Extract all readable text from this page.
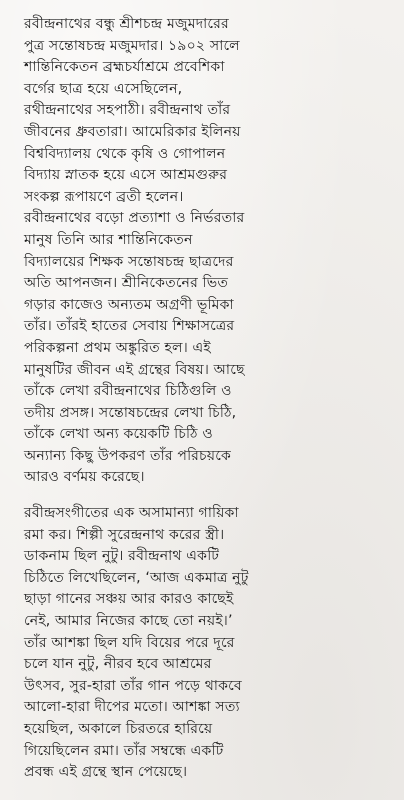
রবীন্দ্রনাথের বন্ধু শ্রীশচন্দ্র মজুমদারের
পুত্র সন্তোষচন্দ্র মজুমদার। ১৯০২ সালে
শান্তিনিকেতন ব্রহ্মচর্যাশ্রমে প্রবেশিকা
বর্গের ছাত্র হয়ে এসেছিলেন,
রথীন্দ্রনাথের সহপাঠী। রবীন্দ্রনাথ তাঁর
জীবনের ধ্রুবতারা। আমেরিকার ইলিনয়
বিশ্ববিদ্যালয় থেকে কৃষি ও গোপালন
বিদ্যায় স্নাতক হয়ে এসে আশ্রমগুরুর
সংকল্প রূপায়ণে ব্রতী হলেন।
রবীন্দ্রনাথের বড়ো প্রত্যাশা ও নির্ভরতার
মানুষ তিনি আর শান্তিনিকেতন
বিদ্যালয়ের শিক্ষক সন্তোষচন্দ্র ছাত্রদের
অতি আপনজন। শ্রীনিকেতনের ভিত
গড়ার কাজেও অন্যতম অগ্রণী ভূমিকা
তাঁর। তাঁরই হাতের সেবায় শিক্ষাসত্রের
পরিকল্পনা প্রথম অঙ্কুরিত হল। এই
মানুষটির জীবন এই গ্রন্থের বিষয়। আছে
তাঁকে লেখা রবীন্দ্রনাথের চিঠিগুলি ও
তদীয় প্রসঙ্গ। সন্তোষচন্দ্রের লেখা চিঠি,
তাঁকে লেখা অন্য কয়েকটি চিঠি ও
অন্যান্য কিছু উপকরণ তাঁর পরিচয়কে
আরও বর্ণময় করেছে।

রবীন্দ্রসংগীতের এক অসামান্যা গায়িকা
রমা কর। শিল্পী সুরেন্দ্রনাথ করের স্ত্রী।
ডাকনাম ছিল নুটু। রবীন্দ্রনাথ একটি
চিঠিতে লিখেছিলেন, ‘আজ একমাত্র নুটু
ছাড়া গানের সঞ্চয় আর কারও কাছেই
নেই, আমার নিজের কাছে তো নয়ই।’
তাঁর আশঙ্কা ছিল যদি বিয়ের পরে দূরে
চলে যান নুটু, নীরব হবে আশ্রমের
উৎসব, সুর-হারা তাঁর গান পড়ে থাকবে
আলো-হারা দীপের মতো। আশঙ্কা সত্য
হয়েছিল, অকালে চিরতরে হারিয়ে
গিয়েছিলেন রমা। তাঁর সম্বন্ধে একটি
প্রবন্ধ এই গ্রন্থে স্থান পেয়েছে।
